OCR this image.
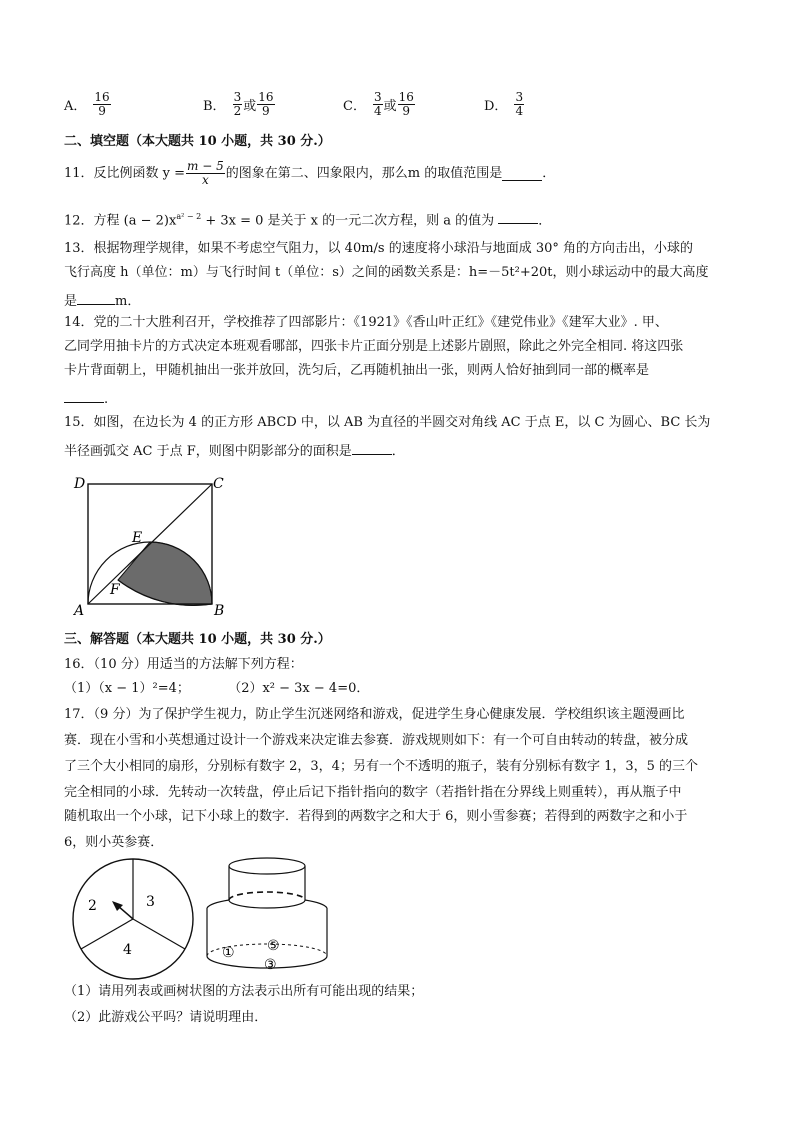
A． $\frac{16}{9}$	B． $\frac{3}{2}$ 或 $\frac{16}{9}$	C． $\frac{3}{4}$ 或 $\frac{16}{9}$	D． $\frac{3}{4}$
二、填空题（本大题共 10 小题，共 30 分.）
11．反比例函数 $y = \frac{m - 5}{x}$ 的图象在第二、四象限内，那么m 的取值范围是	．
12．方程 $(a - 2)x^{a^2 - 2} + 3x = 0$ 是关于 x 的一元二次方程，则 a 的值为	．
13．根据物理学规律，如果不考虑空气阻力，以 40m/s 的速度将小球沿与地面成 30° 角的方向击出，小球的
飞行高度 h（单位：m）与飞行时间 t（单位：s）之间的函数关系是：h=－5t²+20t，则小球运动中的最大高度
是	m．
14．党的二十大胜利召开，学校推荐了四部影片：《1921》《香山叶正红》《建党伟业》《建军大业》. 甲、
乙同学用抽卡片的方式决定本班观看哪部，四张卡片正面分别是上述影片剧照，除此之外完全相同. 将这四张
卡片背面朝上，甲随机抽出一张并放回，洗匀后，乙再随机抽出一张，则两人恰好抽到同一部的概率是
.
15．如图，在边长为 4 的正方形 ABCD 中，以 AB 为直径的半圆交对角线 AC 于点 E，以 C 为圆心、BC 长为
半径画弧交 AC 于点 F，则图中阴影部分的面积是	．
D	C
E
F
A	B
三、解答题（本大题共 10 小题，共 30 分.）
16．（10 分）用适当的方法解下列方程：
（1）（x − 1）²=4；	（2）x² − 3x − 4=0．
17．（9 分）为了保护学生视力，防止学生沉迷网络和游戏，促进学生身心健康发展．学校组织该主题漫画比
赛．现在小雪和小英想通过设计一个游戏来决定谁去参赛．游戏规则如下：有一个可自由转动的转盘，被分成
了三个大小相同的扇形，分别标有数字 2，3，4；另有一个不透明的瓶子，装有分别标有数字 1，3，5 的三个
完全相同的小球．先转动一次转盘，停止后记下指针指向的数字（若指针指在分界线上则重转），再从瓶子中
随机取出一个小球，记下小球上的数字．若得到的两数字之和大于 6，则小雪参赛；若得到的两数字之和小于
6，则小英参赛．
2	3
4	① ⑤
③
（1）请用列表或画树状图的方法表示出所有可能出现的结果；
（2）此游戏公平吗？请说明理由．
